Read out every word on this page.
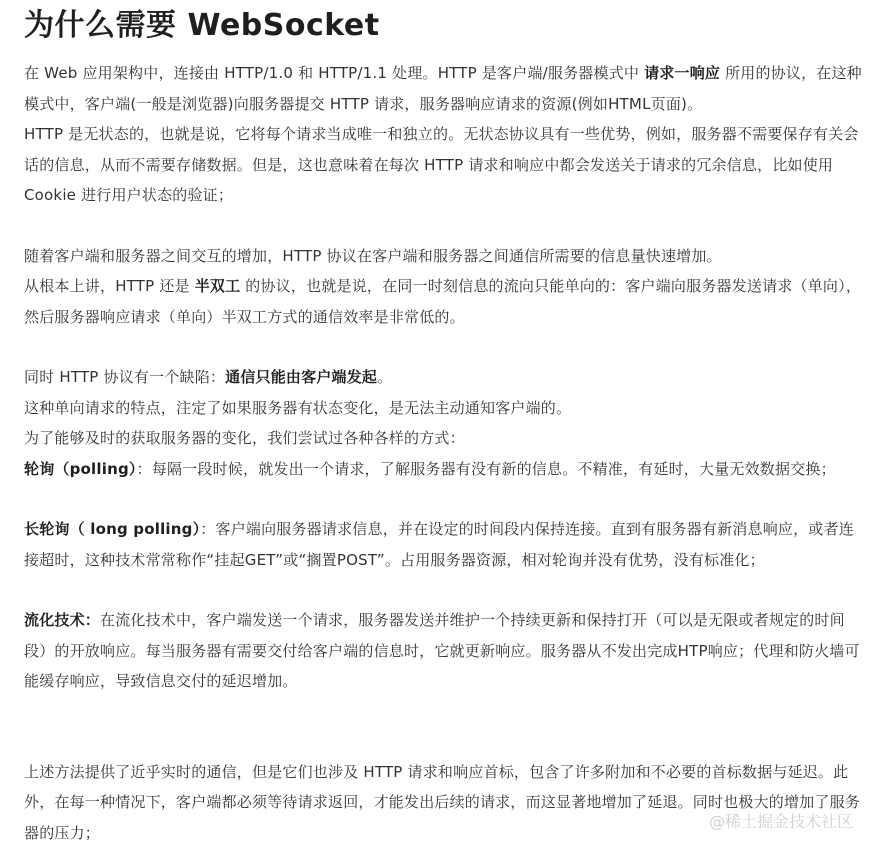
为什么需要 WebSocket

在 Web 应用架构中，连接由 HTTP/1.0 和 HTTP/1.1 处理。HTTP 是客户端/服务器模式中 请求一响应 所用的协议，在这种模式中，客户端(一般是浏览器)向服务器提交 HTTP 请求，服务器响应请求的资源(例如HTML页面)。

HTTP 是无状态的，也就是说，它将每个请求当成唯一和独立的。无状态协议具有一些优势，例如，服务器不需要保存有关会话的信息，从而不需要存储数据。但是，这也意味着在每次 HTTP 请求和响应中都会发送关于请求的冗余信息，比如使用 Cookie 进行用户状态的验证；

随着客户端和服务器之间交互的增加，HTTP 协议在客户端和服务器之间通信所需要的信息量快速增加。

从根本上讲，HTTP 还是 半双工 的协议，也就是说，在同一时刻信息的流向只能单向的：客户端向服务器发送请求（单向），然后服务器响应请求（单向）半双工方式的通信效率是非常低的。

同时 HTTP 协议有一个缺陷：通信只能由客户端发起。

这种单向请求的特点，注定了如果服务器有状态变化，是无法主动通知客户端的。

为了能够及时的获取服务器的变化，我们尝试过各种各样的方式：

轮询（polling）：每隔一段时候，就发出一个请求，了解服务器有没有新的信息。不精准，有延时，大量无效数据交换；

长轮询（ long polling）：客户端向服务器请求信息，并在设定的时间段内保持连接。直到有服务器有新消息响应，或者连接超时，这种技术常常称作“挂起GET”或“搁置POST”。占用服务器资源，相对轮询并没有优势，没有标准化；

流化技术：在流化技术中，客户端发送一个请求，服务器发送并维护一个持续更新和保持打开（可以是无限或者规定的时间段）的开放响应。每当服务器有需要交付给客户端的信息时，它就更新响应。服务器从不发出完成HTP响应；代理和防火墙可能缓存响应，导致信息交付的延迟增加。

上述方法提供了近乎实时的通信，但是它们也涉及 HTTP 请求和响应首标，包含了许多附加和不必要的首标数据与延迟。此外，在每一种情况下，客户端都必须等待请求返回，才能发出后续的请求，而这显著地增加了延退。同时也极大的增加了服务器的压力；

@稀土掘金技术社区
